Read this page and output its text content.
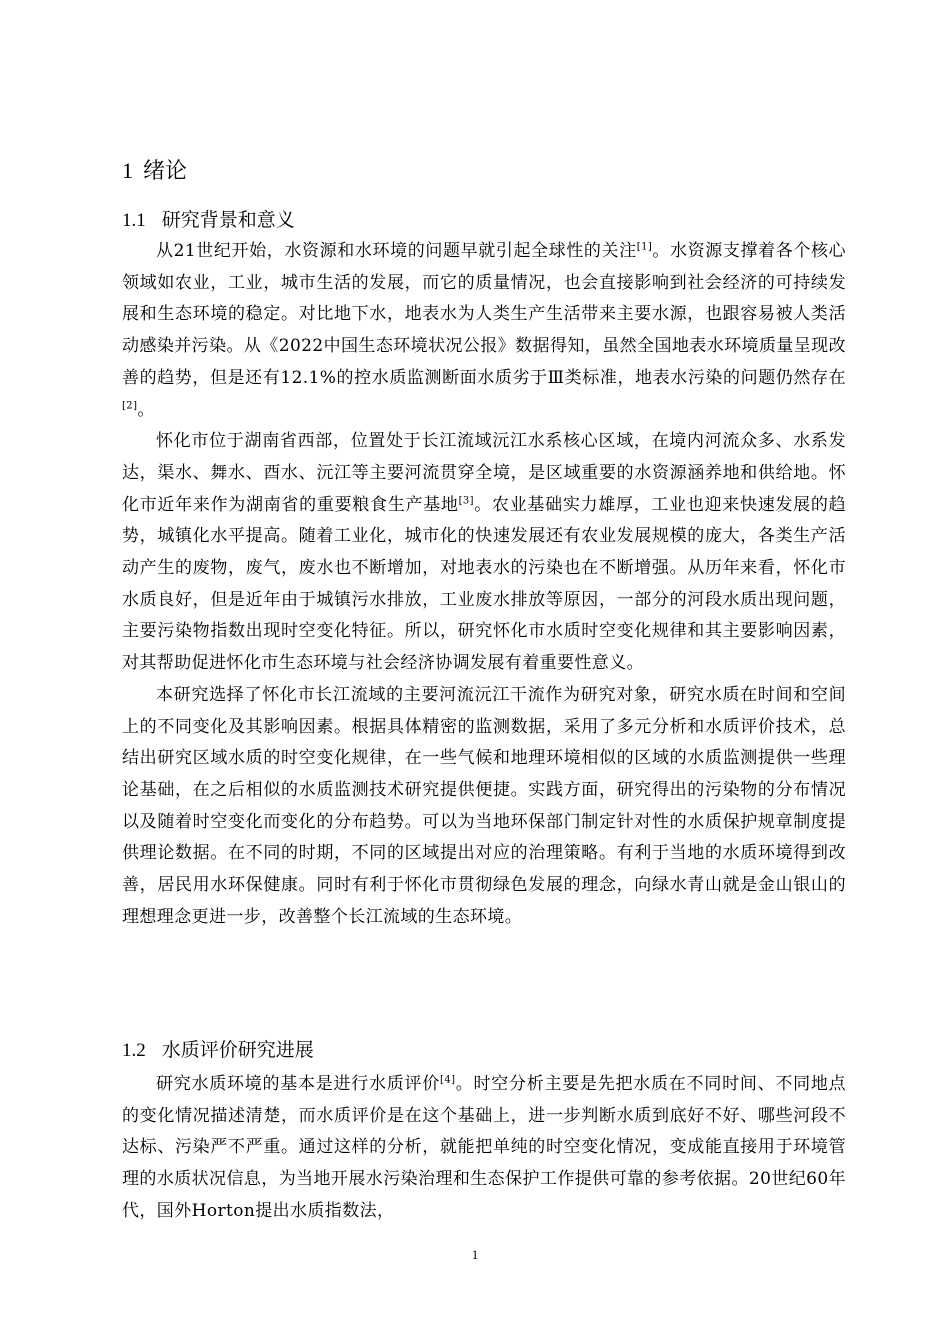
1 绪论
1.1 研究背景和意义

从21世纪开始，水资源和水环境的问题早就引起全球性的关注[1]。水资源支撑着各个核心领域如农业，工业，城市生活的发展，而它的质量情况，也会直接影响到社会经济的可持续发展和生态环境的稳定。对比地下水，地表水为人类生产生活带来主要水源，也跟容易被人类活动感染并污染。从《2022中国生态环境状况公报》数据得知，虽然全国地表水环境质量呈现改善的趋势，但是还有12.1%的控水质监测断面水质劣于Ⅲ类标准，地表水污染的问题仍然存在[2]。

怀化市位于湖南省西部，位置处于长江流域沅江水系核心区域，在境内河流众多、水系发达，渠水、舞水、酉水、沅江等主要河流贯穿全境，是区域重要的水资源涵养地和供给地。怀化市近年来作为湖南省的重要粮食生产基地[3]。农业基础实力雄厚，工业也迎来快速发展的趋势，城镇化水平提高。随着工业化，城市化的快速发展还有农业发展规模的庞大，各类生产活动产生的废物，废气，废水也不断增加，对地表水的污染也在不断增强。从历年来看，怀化市水质良好，但是近年由于城镇污水排放，工业废水排放等原因，一部分的河段水质出现问题，主要污染物指数出现时空变化特征。所以，研究怀化市水质时空变化规律和其主要影响因素，对其帮助促进怀化市生态环境与社会经济协调发展有着重要性意义。

本研究选择了怀化市长江流域的主要河流沅江干流作为研究对象，研究水质在时间和空间上的不同变化及其影响因素。根据具体精密的监测数据，采用了多元分析和水质评价技术，总结出研究区域水质的时空变化规律，在一些气候和地理环境相似的区域的水质监测提供一些理论基础，在之后相似的水质监测技术研究提供便捷。实践方面，研究得出的污染物的分布情况以及随着时空变化而变化的分布趋势。可以为当地环保部门制定针对性的水质保护规章制度提供理论数据。在不同的时期，不同的区域提出对应的治理策略。有利于当地的水质环境得到改善，居民用水环保健康。同时有利于怀化市贯彻绿色发展的理念，向绿水青山就是金山银山的理想理念更进一步，改善整个长江流域的生态环境。

1.2 水质评价研究进展

研究水质环境的基本是进行水质评价[4]。时空分析主要是先把水质在不同时间、不同地点的变化情况描述清楚，而水质评价是在这个基础上，进一步判断水质到底好不好、哪些河段不达标、污染严不严重。通过这样的分析，就能把单纯的时空变化情况，变成能直接用于环境管理的水质状况信息，为当地开展水污染治理和生态保护工作提供可靠的参考依据。20世纪60年代，国外Horton提出水质指数法，

1
